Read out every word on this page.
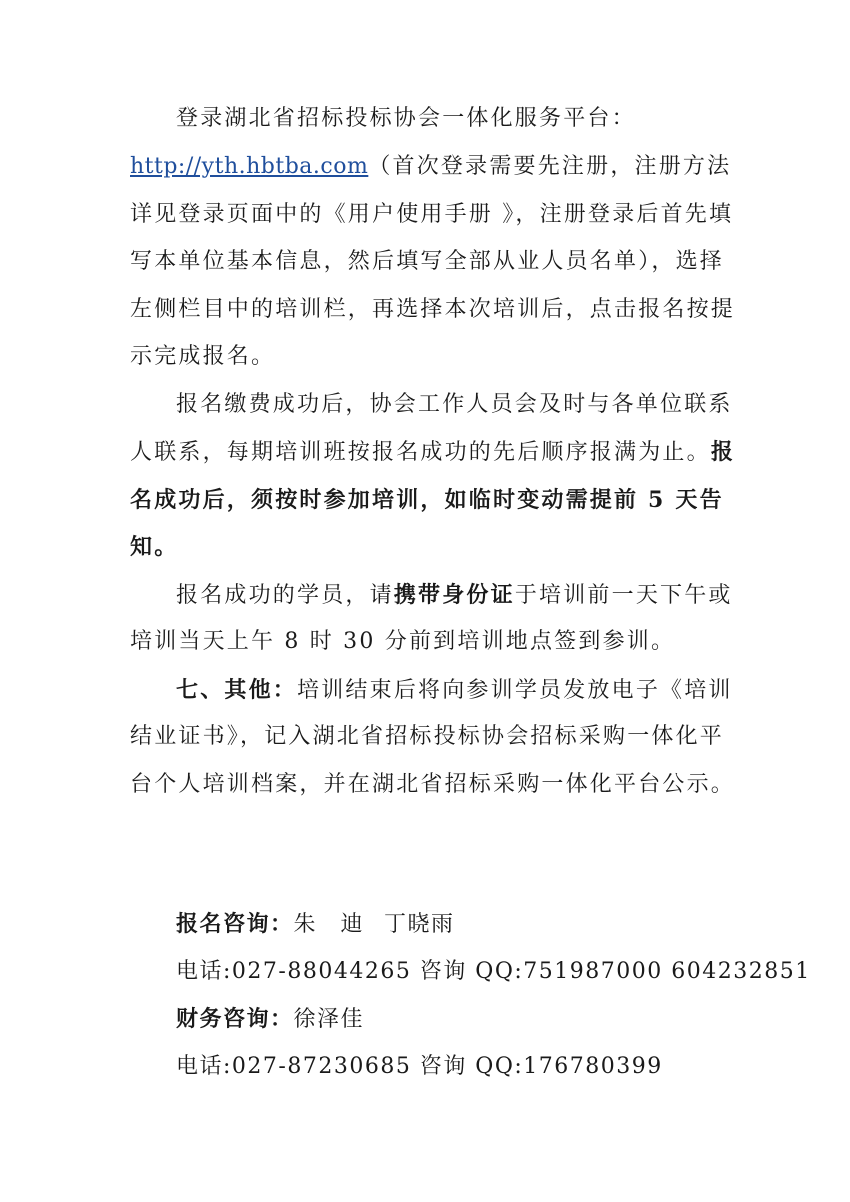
登录湖北省招标投标协会一体化服务平台：
http://yth.hbtba.com（首次登录需要先注册，注册方法
详见登录页面中的《用户使用手册 》，注册登录后首先填
写本单位基本信息，然后填写全部从业人员名单），选择
左侧栏目中的培训栏，再选择本次培训后，点击报名按提
示完成报名。
报名缴费成功后，协会工作人员会及时与各单位联系
人联系，每期培训班按报名成功的先后顺序报满为止。报
名成功后，须按时参加培训，如临时变动需提前 5 天告
知。
报名成功的学员，请携带身份证于培训前一天下午或
培训当天上午 8 时 30 分前到培训地点签到参训。
七、其他：培训结束后将向参训学员发放电子《培训
结业证书》，记入湖北省招标投标协会招标采购一体化平
台个人培训档案，并在湖北省招标采购一体化平台公示。
报名咨询：朱　迪 丁晓雨
电话:027-88044265 咨询 QQ:751987000 604232851
财务咨询：徐泽佳
电话:027-87230685 咨询 QQ:176780399
